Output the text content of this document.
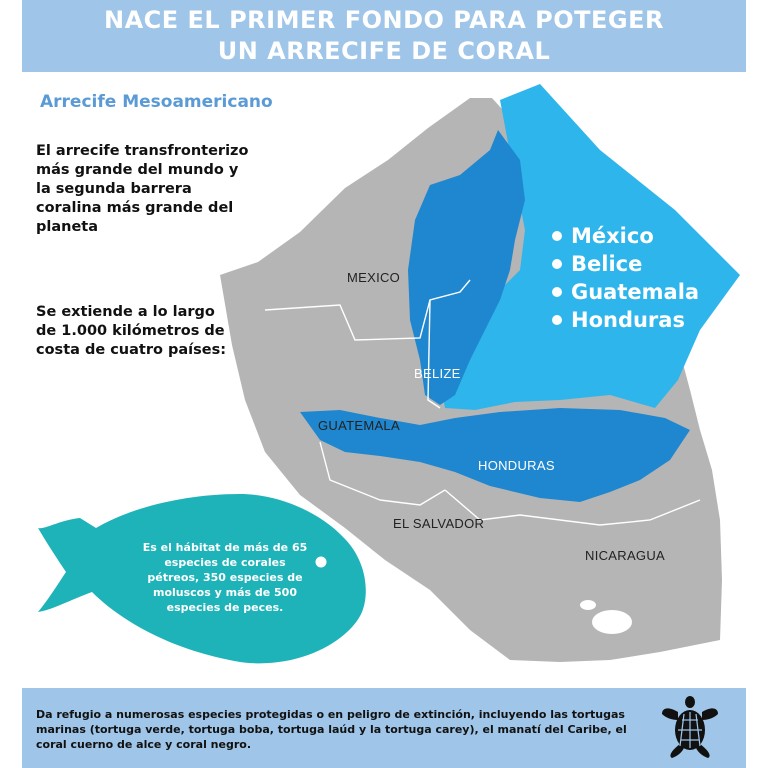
NACE EL PRIMER FONDO PARA POTEGER UN ARRECIFE DE CORAL
Arrecife Mesoamericano

El arrecife transfronterizo más grande del mundo y la segunda barrera coralina más grande del planeta

Se extiende a lo largo de 1.000 kilómetros de costa de cuatro países:

México
Belice
Guatemala
Honduras
MEXICO
BELIZE
GUATEMALA
HONDURAS
EL SALVADOR
NICARAGUA
Es el hábitat de más de 65 especies de corales pétreos, 350 especies de moluscos y más de 500 especies de peces.

Da refugio a numerosas especies protegidas o en peligro de extinción, incluyendo las tortugas marinas (tortuga verde, tortuga boba, tortuga laúd y la tortuga carey), el manatí del Caribe, el coral cuerno de alce y coral negro.
